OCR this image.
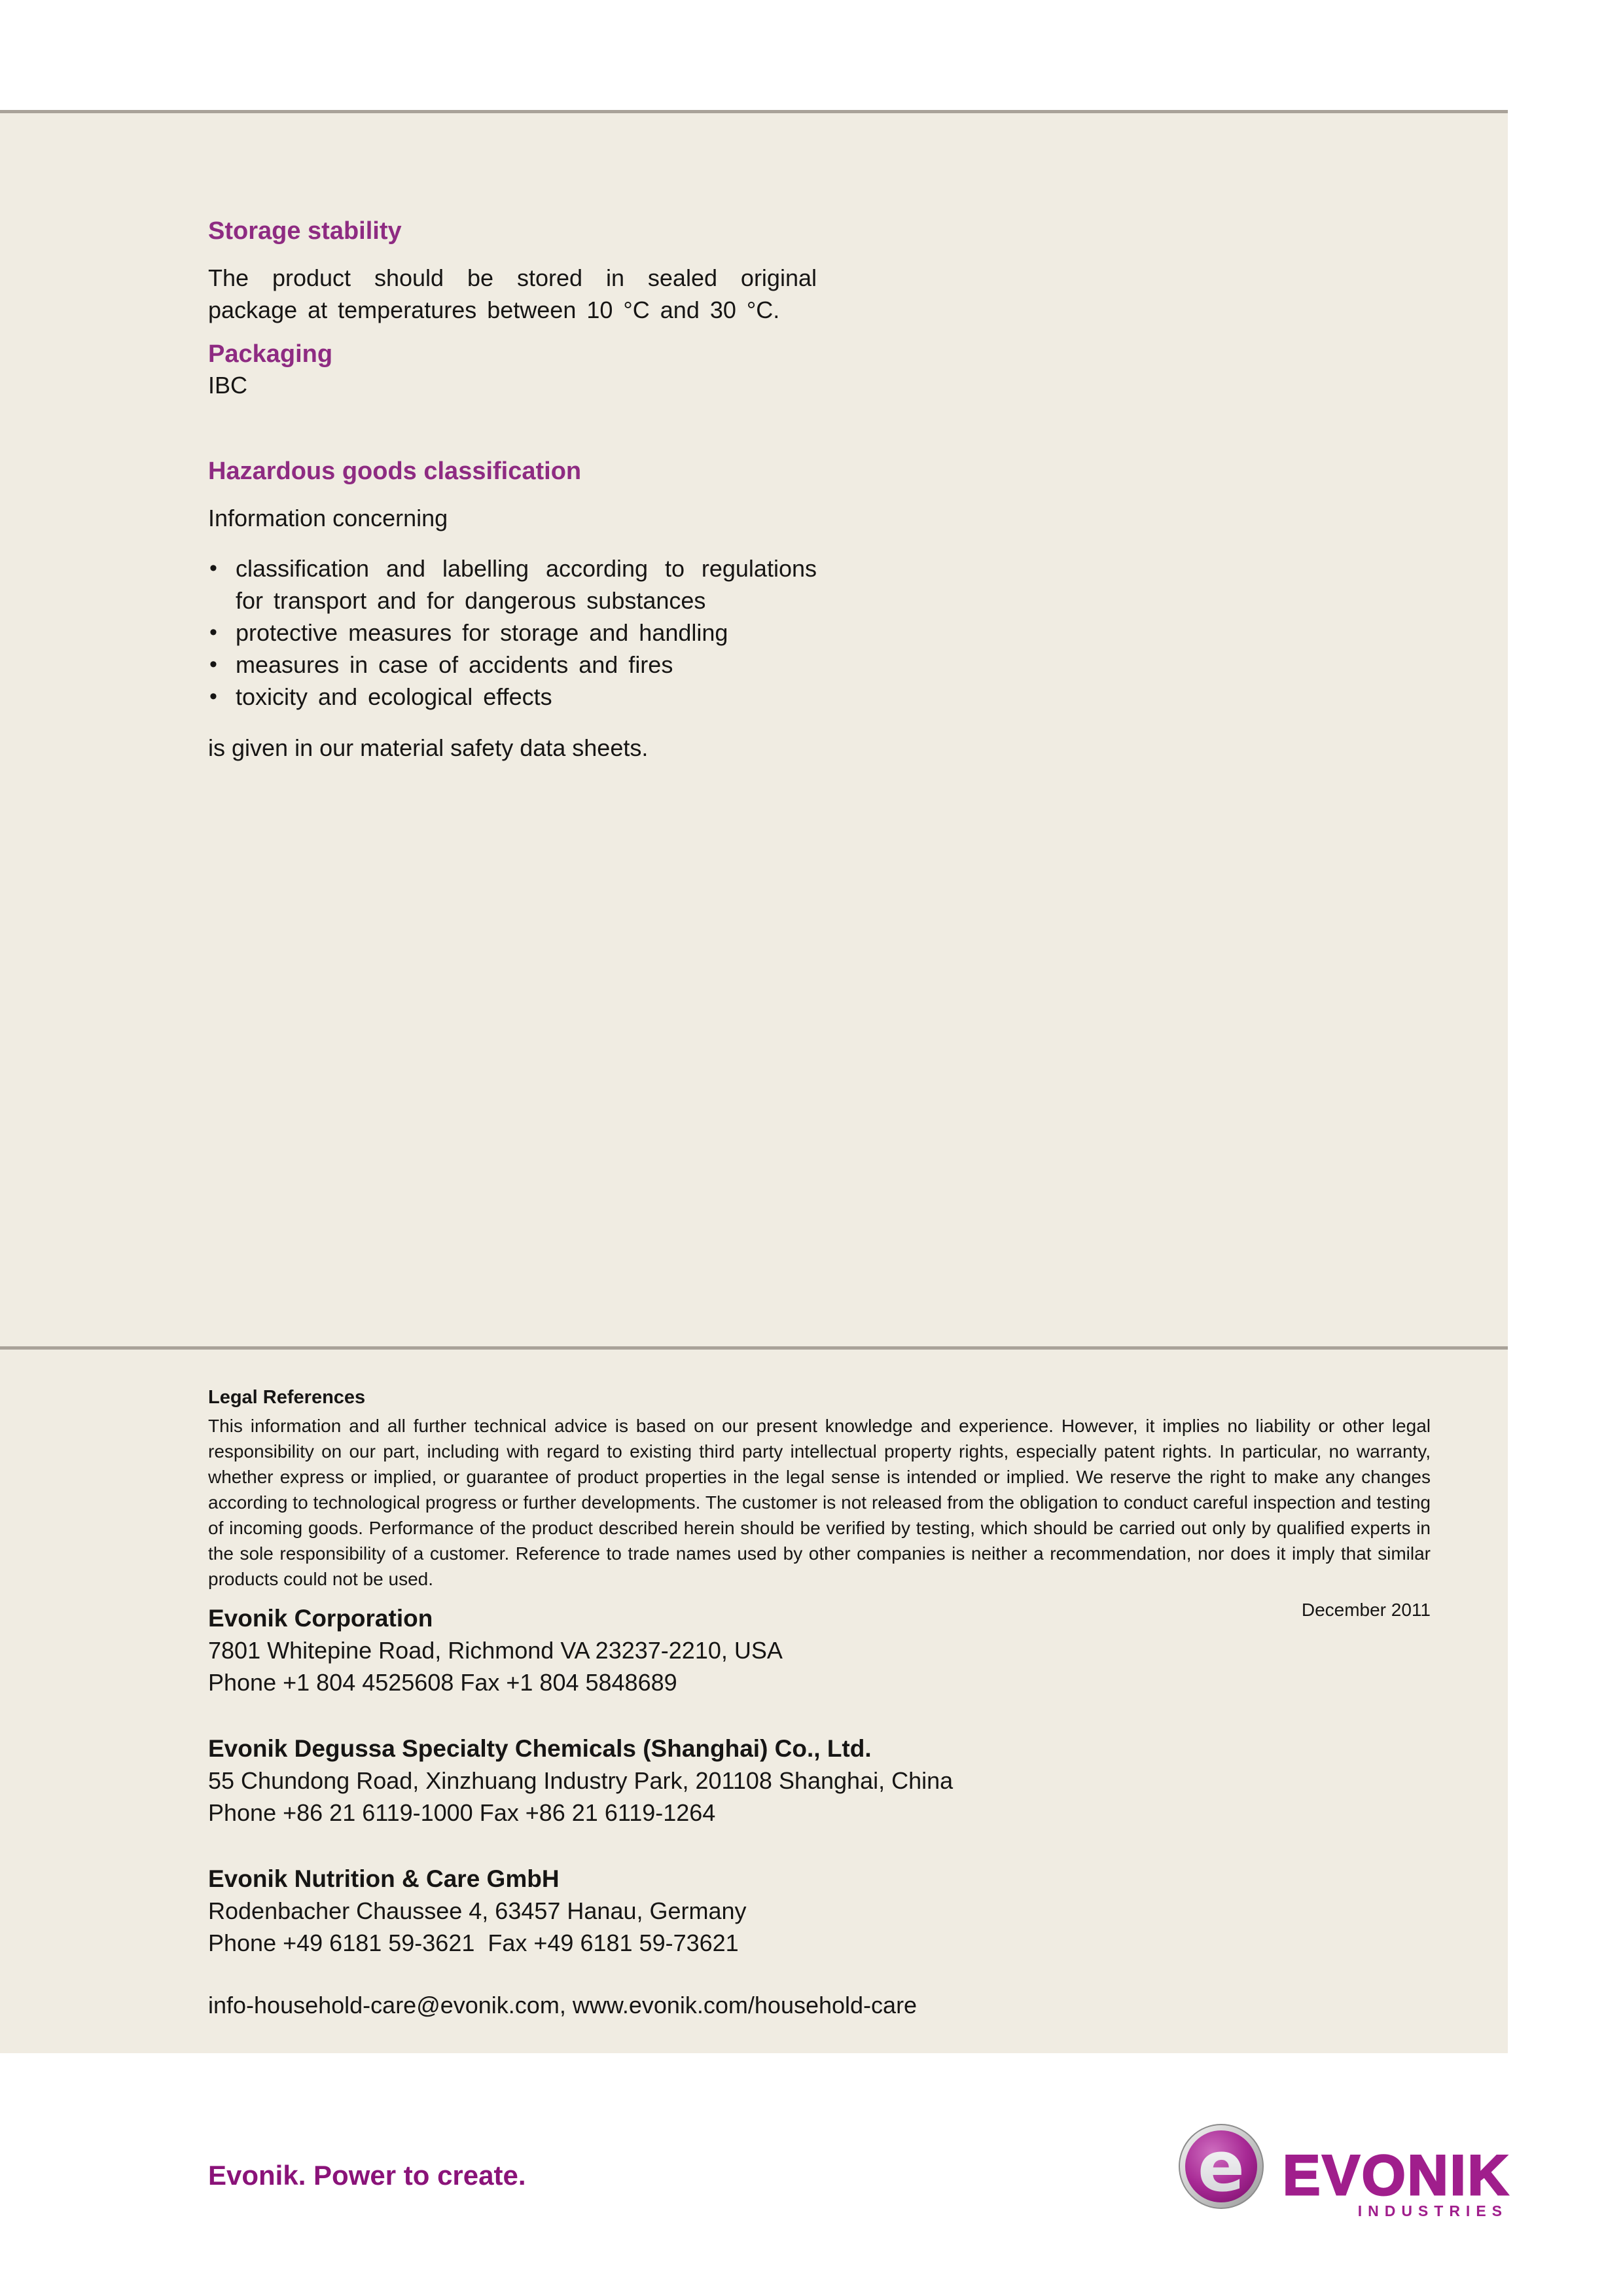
Storage stability

The product should be stored in sealed original package at temperatures between 10 °C and 30 °C.

Packaging

IBC

Hazardous goods classification

Information concerning

• classification and labelling according to regulations for transport and for dangerous substances
• protective measures for storage and handling
• measures in case of accidents and fires
• toxicity and ecological effects

is given in our material safety data sheets.

Legal References

This information and all further technical advice is based on our present knowledge and experience. However, it implies no liability or other legal responsibility on our part, including with regard to existing third party intellectual property rights, especially patent rights. In particular, no warranty, whether express or implied, or guarantee of product properties in the legal sense is intended or implied. We reserve the right to make any changes according to technological progress or further developments. The customer is not released from the obligation to conduct careful inspection and testing of incoming goods. Performance of the product described herein should be verified by testing, which should be carried out only by qualified experts in the sole responsibility of a customer. Reference to trade names used by other companies is neither a recommendation, nor does it imply that similar products could not be used.

December 2011
Evonik Corporation
7801 Whitepine Road, Richmond VA 23237-2210, USA
Phone +1 804 4525608 Fax +1 804 5848689
Evonik Degussa Specialty Chemicals (Shanghai) Co., Ltd.
55 Chundong Road, Xinzhuang Industry Park, 201108 Shanghai, China
Phone +86 21 6119-1000 Fax +86 21 6119-1264
Evonik Nutrition & Care GmbH
Rodenbacher Chaussee 4, 63457 Hanau, Germany
Phone +49 6181 59-3621  Fax +49 6181 59-73621
info-household-care@evonik.com, www.evonik.com/household-care
Evonik. Power to create.	e EVONIK
INDUSTRIES
